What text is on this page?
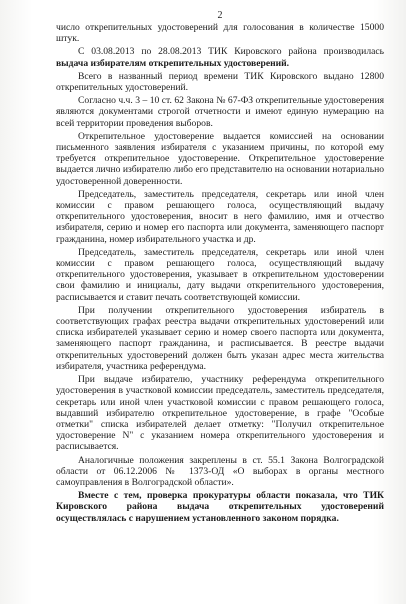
2

число открепительных удостоверений для голосования в количестве 15000 штук.

С 03.08.2013 по 28.08.2013 ТИК Кировского района производилась выдача избирателям открепительных удостоверений.

Всего в названный период времени ТИК Кировского выдано 12800 открепительных удостоверений.

Согласно ч.ч. 3 – 10 ст. 62 Закона № 67-ФЗ открепительные удостоверения являются документами строгой отчетности и имеют единую нумерацию на всей территории проведения выборов.

Открепительное удостоверение выдается комиссией на основании письменного заявления избирателя с указанием причины, по которой ему требуется открепительное удостоверение. Открепительное удостоверение выдается лично избирателю либо его представителю на основании нотариально удостоверенной доверенности.

Председатель, заместитель председателя, секретарь или иной член комиссии с правом решающего голоса, осуществляющий выдачу открепительного удостоверения, вносит в него фамилию, имя и отчество избирателя, серию и номер его паспорта или документа, заменяющего паспорт гражданина, номер избирательного участка и др.

Председатель, заместитель председателя, секретарь или иной член комиссии с правом решающего голоса, осуществляющий выдачу открепительного удостоверения, указывает в открепительном удостоверении свои фамилию и инициалы, дату выдачи открепительного удостоверения, расписывается и ставит печать соответствующей комиссии.

При получении открепительного удостоверения избиратель в соответствующих графах реестра выдачи открепительных удостоверений или списка избирателей указывает серию и номер своего паспорта или документа, заменяющего паспорт гражданина, и расписывается. В реестре выдачи открепительных удостоверений должен быть указан адрес места жительства избирателя, участника референдума.

При выдаче избирателю, участнику референдума открепительного удостоверения в участковой комиссии председатель, заместитель председателя, секретарь или иной член участковой комиссии с правом решающего голоса, выдавший избирателю открепительное удостоверение, в графе "Особые отметки" списка избирателей делает отметку: "Получил открепительное удостоверение N" с указанием номера открепительного удостоверения и расписывается.

Аналогичные положения закреплены в ст. 55.1 Закона Волгоградской области от 06.12.2006 № 1373-ОД «О выборах в органы местного самоуправления в Волгоградской области».

Вместе с тем, проверка прокуратуры области показала, что ТИК Кировского района выдача открепительных удостоверений осуществлялась с нарушением установленного законом порядка.
